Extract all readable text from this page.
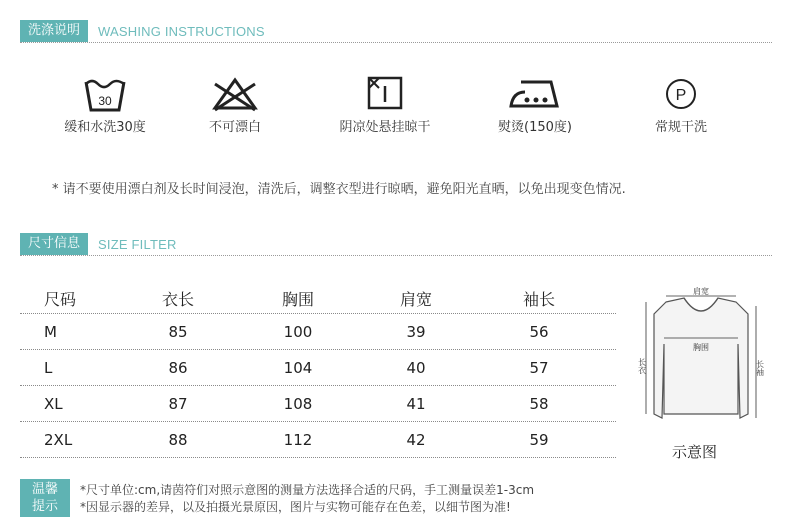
洗涤说明	WASHING INSTRUCTIONS
30
缓和水洗30度	不可漂白	阴凉处悬挂晾干	熨烫(150度)
P
常规干洗
* 请不要使用漂白剂及长时间浸泡，清洗后，调整衣型进行晾晒，避免阳光直晒，以免出现变色情况.
尺寸信息	SIZE FILTER
尺码	衣长	胸围	肩宽	袖长
M	85	100	39	56
L	86	104	40	57
XL	87	108	41	58
2XL	88	112	42	59
肩宽
胸围
长衣	长袖
示意图
温馨
提示
*尺寸单位:cm,请茵符们对照示意图的测量方法选择合适的尺码，手工测量误差1-3cm
*因显示器的差异，以及拍摄光景原因，图片与实物可能存在色差，以细节图为准!
